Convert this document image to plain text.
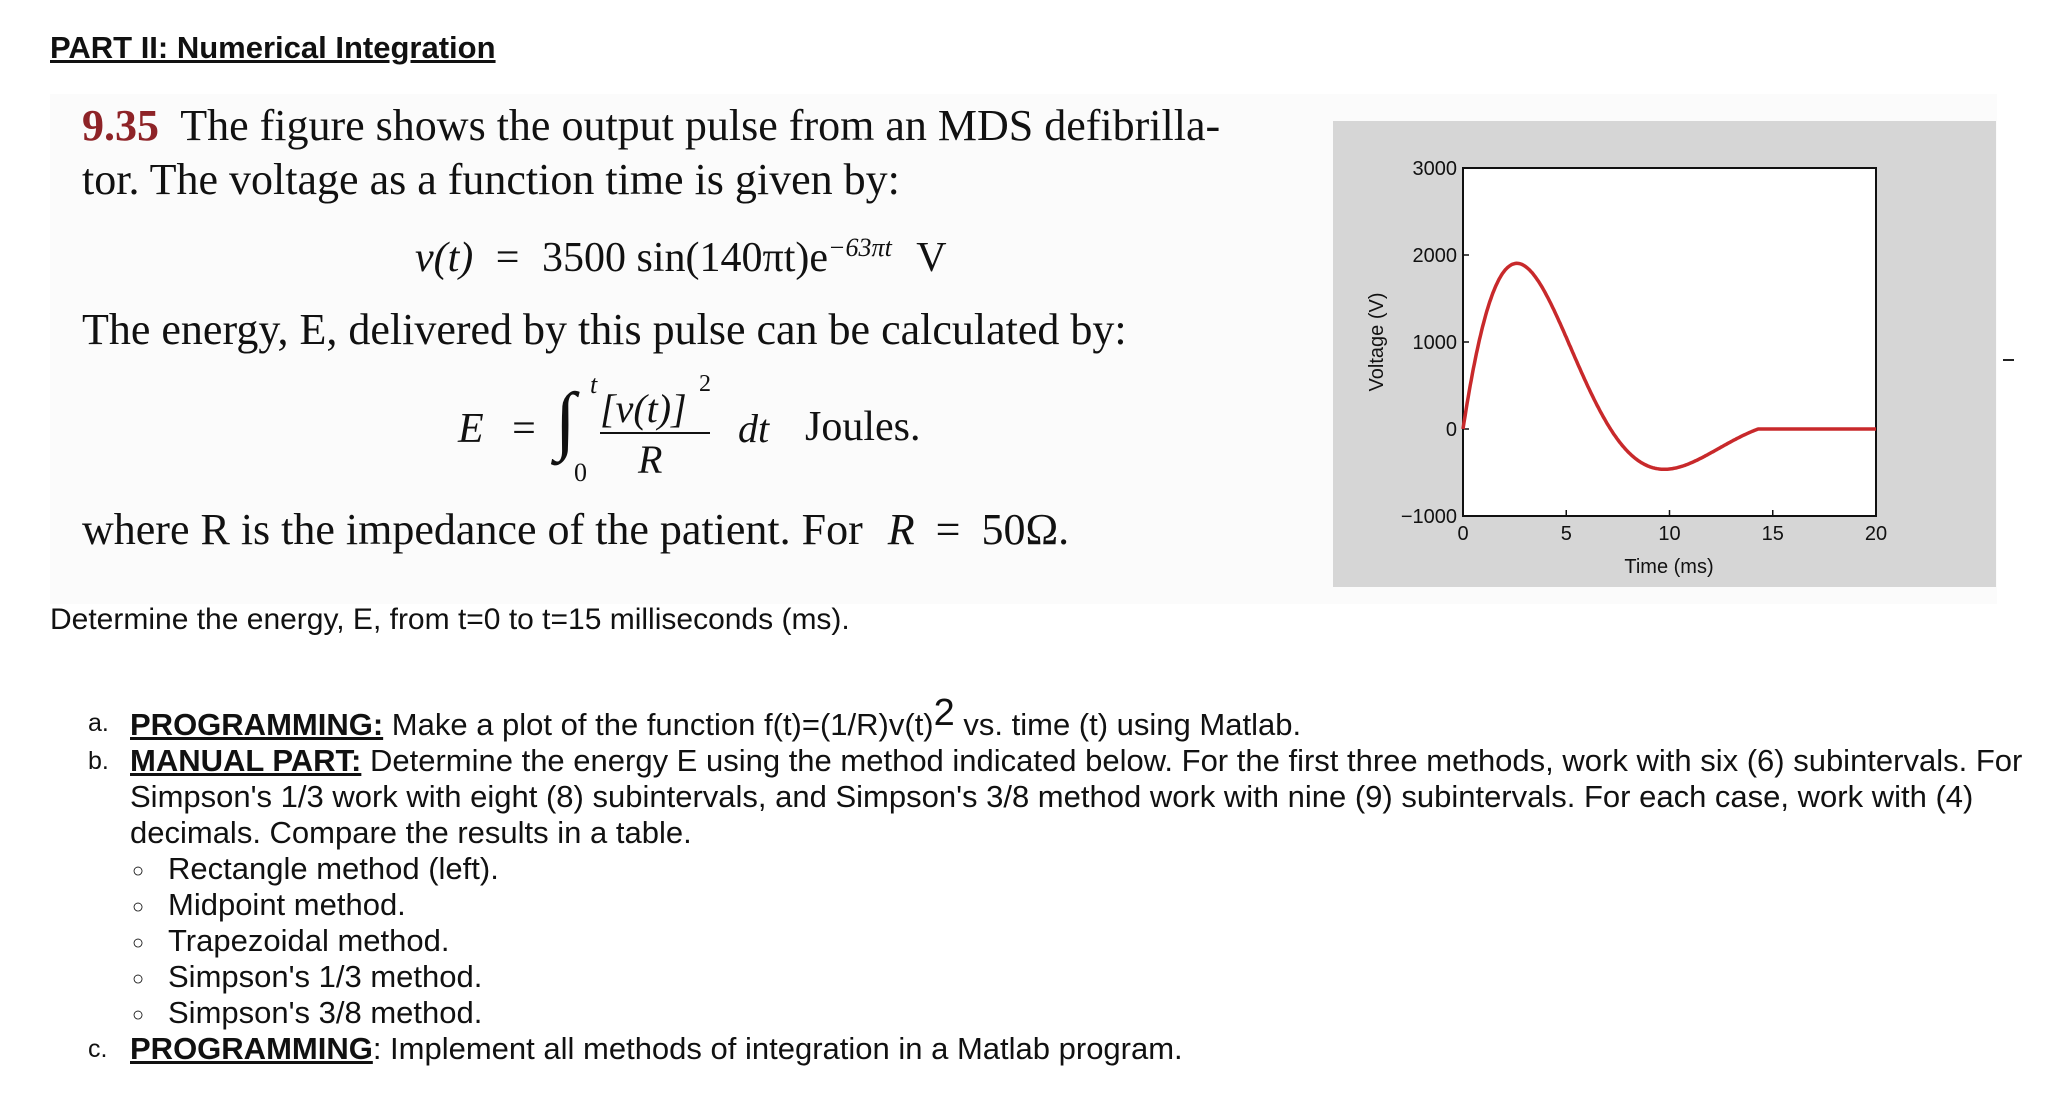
PART II: Numerical Integration
9.35 The figure shows the output pulse from an MDS defibrilla-
tor. The voltage as a function time is given by:
v(t) = 3500 $\sin(140\pi t)e^{-63\pi t}$ V
The energy, E, delivered by this pulse can be calculated by:
E = ∫ t
0
[v(t)]
2
R
dt Joules.
where R is the impedance of the patient. For R = 50Ω.	0	5	10	15	20
3000
2000
1000
0
−1000
Time (ms)
Voltage (V)

Determine the energy, E, from t=0 to t=15 milliseconds (ms).

a. PROGRAMMING: Make a plot of the function f(t)=(1/R)v(t)2 vs. time (t) using Matlab.
b. MANUAL PART: Determine the energy E using the method indicated below. For the first three methods, work with six (6) subintervals. For Simpson's 1/3 work with eight (8) subintervals, and Simpson's 3/8 method work with nine (9) subintervals. For each case, work with (4) decimals. Compare the results in a table.
○ Rectangle method (left).
○ Midpoint method.
○ Trapezoidal method.
○ Simpson's 1/3 method.
○ Simpson's 3/8 method.
c. PROGRAMMING: Implement all methods of integration in a Matlab program.
